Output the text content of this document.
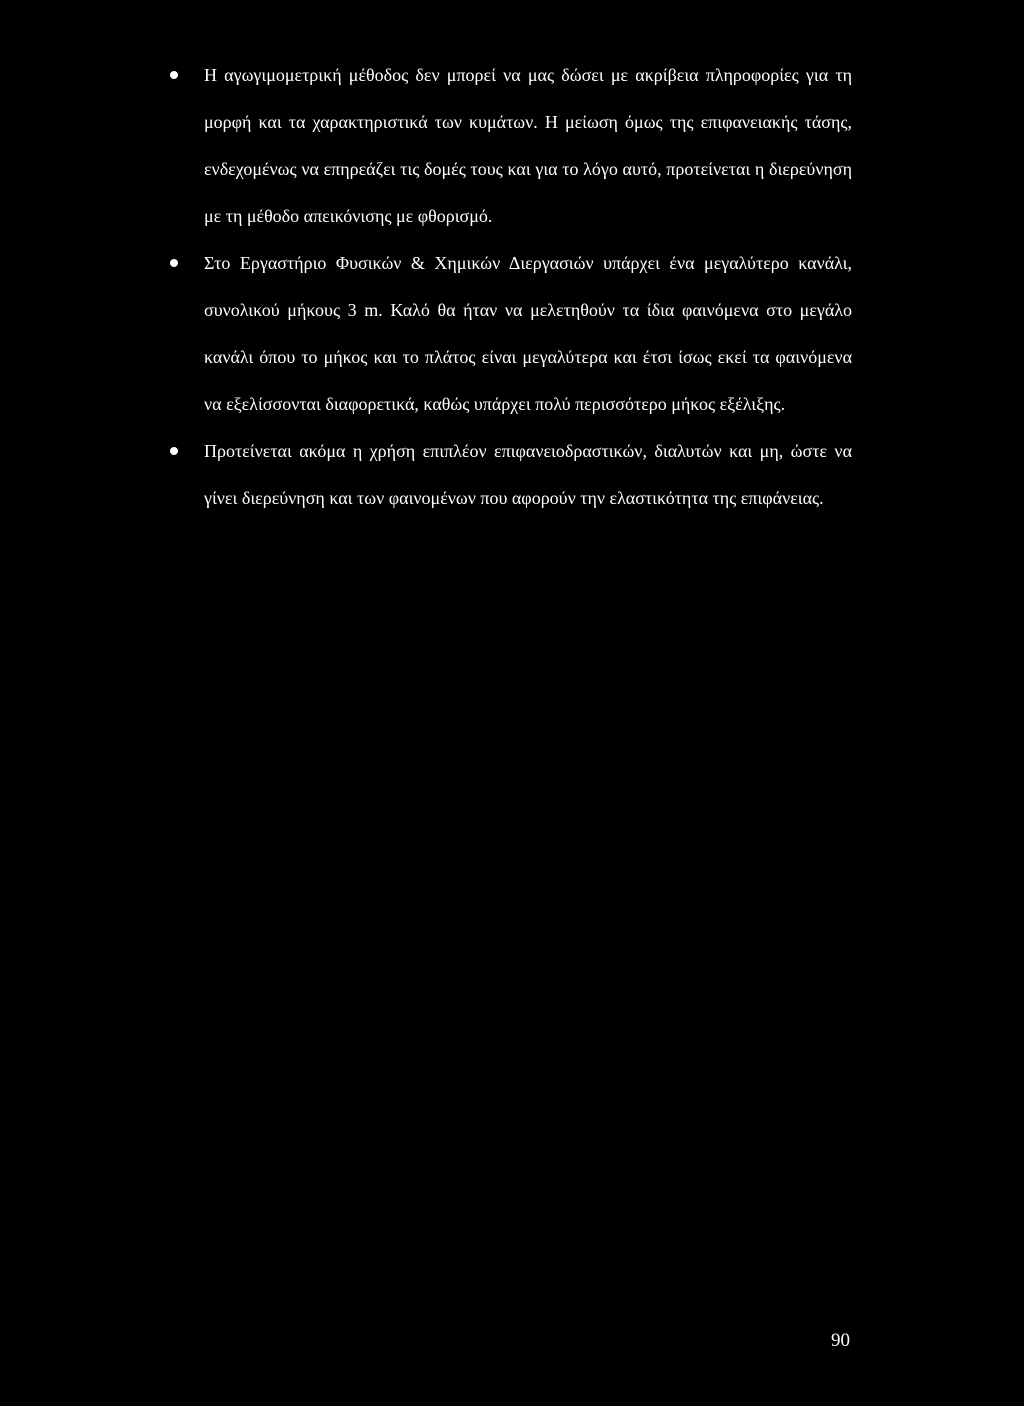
Η αγωγιμομετρική μέθοδος δεν μπορεί να μας δώσει με ακρίβεια πληροφορίες για τη μορφή και τα χαρακτηριστικά των κυμάτων. Η μείωση όμως της επιφανειακής τάσης, ενδεχομένως να επηρεάζει τις δομές τους και για το λόγο αυτό, προτείνεται η διερεύνηση με τη μέθοδο απεικόνισης με φθορισμό.
Στο Εργαστήριο Φυσικών & Χημικών Διεργασιών υπάρχει ένα μεγαλύτερο κανάλι, συνολικού μήκους 3 m. Καλό θα ήταν να μελετηθούν τα ίδια φαινόμενα στο μεγάλο κανάλι όπου το μήκος και το πλάτος είναι μεγαλύτερα και έτσι ίσως εκεί τα φαινόμενα να εξελίσσονται διαφορετικά, καθώς υπάρχει πολύ περισσότερο μήκος εξέλιξης.
Προτείνεται ακόμα η χρήση επιπλέον επιφανειοδραστικών, διαλυτών και μη, ώστε να γίνει διερεύνηση και των φαινομένων που αφορούν την ελαστικότητα της επιφάνειας.
90
